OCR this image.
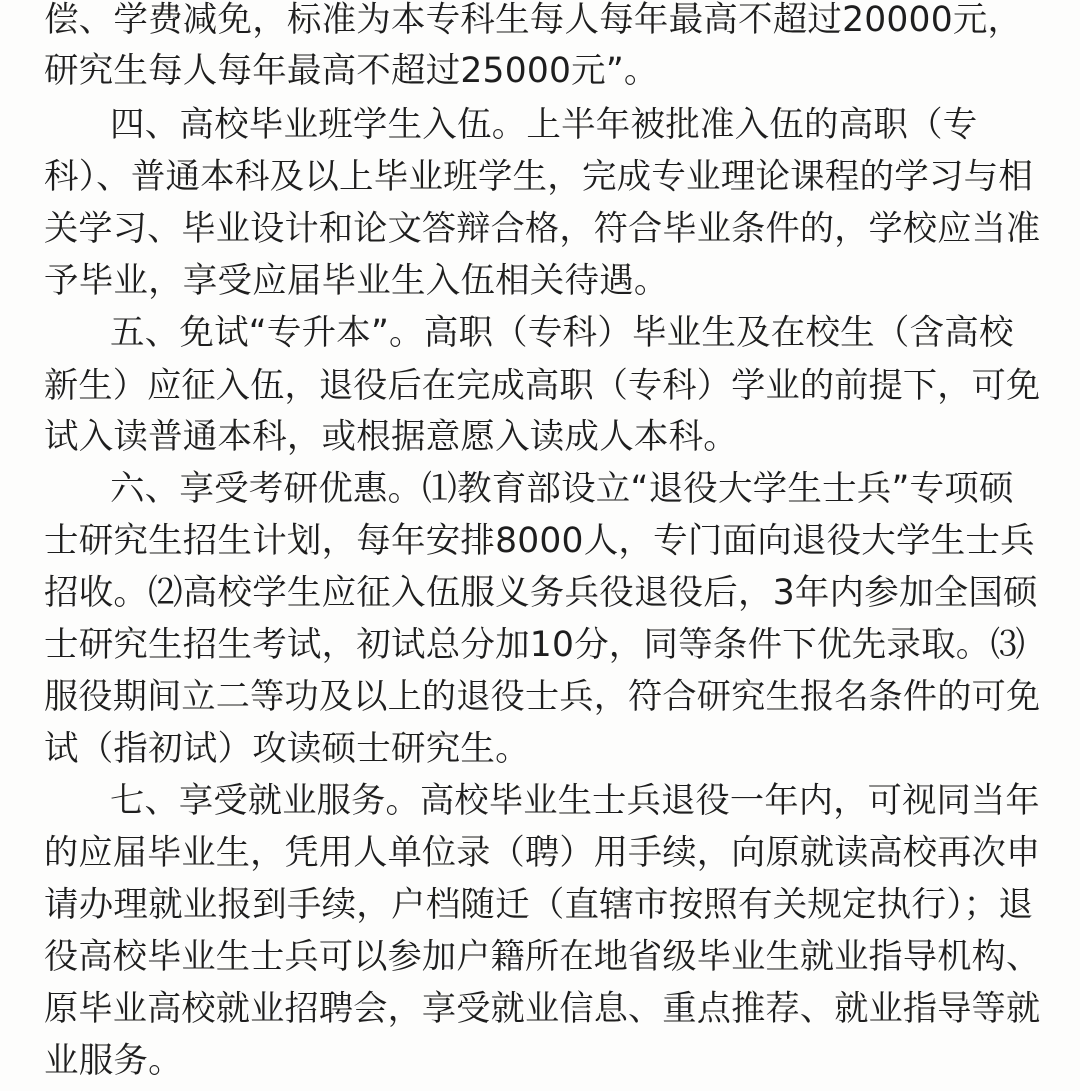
偿、学费减免，标准为本专科生每人每年最高不超过20000元，
研究生每人每年最高不超过25000元”。
四、高校毕业班学生入伍。上半年被批准入伍的高职（专
科）、普通本科及以上毕业班学生，完成专业理论课程的学习与相
关学习、毕业设计和论文答辩合格，符合毕业条件的，学校应当准
予毕业，享受应届毕业生入伍相关待遇。
五、免试“专升本”。高职（专科）毕业生及在校生（含高校
新生）应征入伍，退役后在完成高职（专科）学业的前提下，可免
试入读普通本科，或根据意愿入读成人本科。
六、享受考研优惠。⑴教育部设立“退役大学生士兵”专项硕
士研究生招生计划，每年安排8000人，专门面向退役大学生士兵
招收。⑵高校学生应征入伍服义务兵役退役后，3年内参加全国硕
士研究生招生考试，初试总分加10分，同等条件下优先录取。⑶
服役期间立二等功及以上的退役士兵，符合研究生报名条件的可免
试（指初试）攻读硕士研究生。
七、享受就业服务。高校毕业生士兵退役一年内，可视同当年
的应届毕业生，凭用人单位录（聘）用手续，向原就读高校再次申
请办理就业报到手续，户档随迁（直辖市按照有关规定执行）；退
役高校毕业生士兵可以参加户籍所在地省级毕业生就业指导机构、
原毕业高校就业招聘会，享受就业信息、重点推荐、就业指导等就
业服务。
